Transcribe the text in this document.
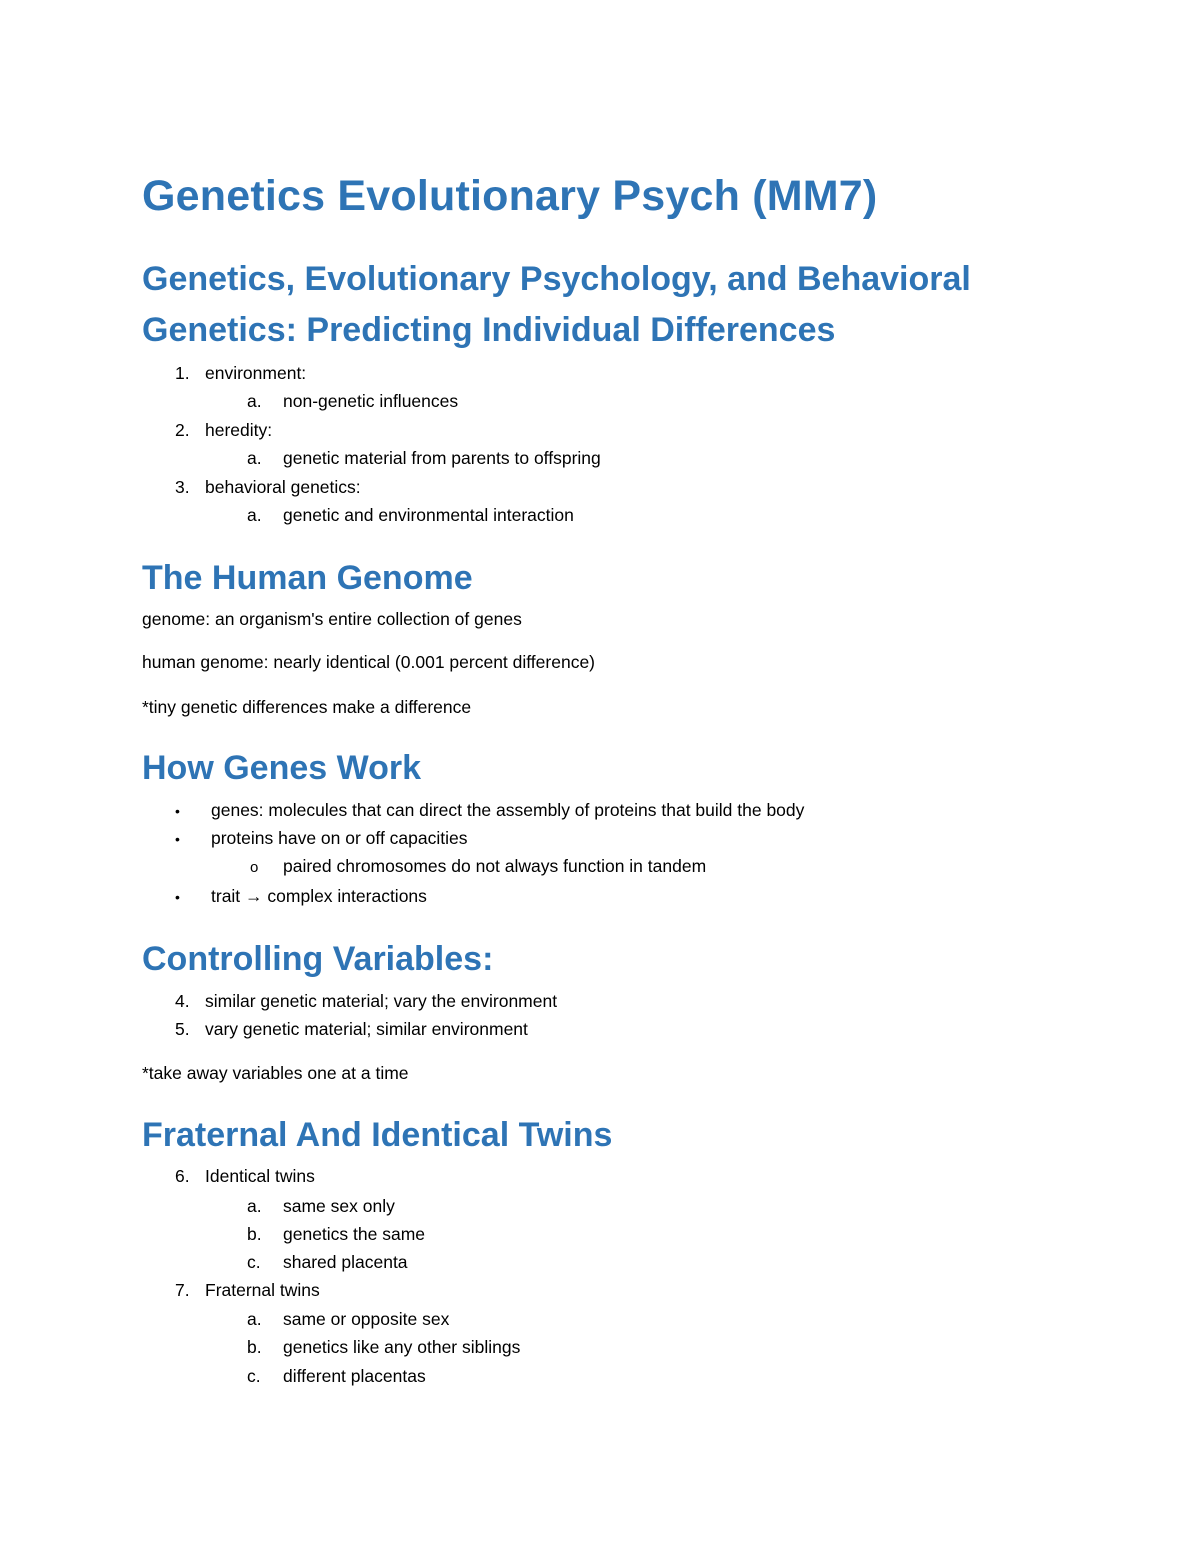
Genetics Evolutionary Psych (MM7)
Genetics, Evolutionary Psychology, and Behavioral
Genetics: Predicting Individual Differences
1. environment:
a. non-genetic influences
2. heredity:
a. genetic material from parents to offspring
3. behavioral genetics:
a. genetic and environmental interaction
The Human Genome

genome: an organism's entire collection of genes

human genome: nearly identical (0.001 percent difference)

*tiny genetic differences make a difference

How Genes Work
• genes: molecules that can direct the assembly of proteins that build the body
• proteins have on or off capacities
o paired chromosomes do not always function in tandem
• trait → complex interactions
Controlling Variables:
4. similar genetic material; vary the environment
5. vary genetic material; similar environment

*take away variables one at a time

Fraternal And Identical Twins
6. Identical twins
a. same sex only
b. genetics the same
c. shared placenta
7. Fraternal twins
a. same or opposite sex
b. genetics like any other siblings
c. different placentas
